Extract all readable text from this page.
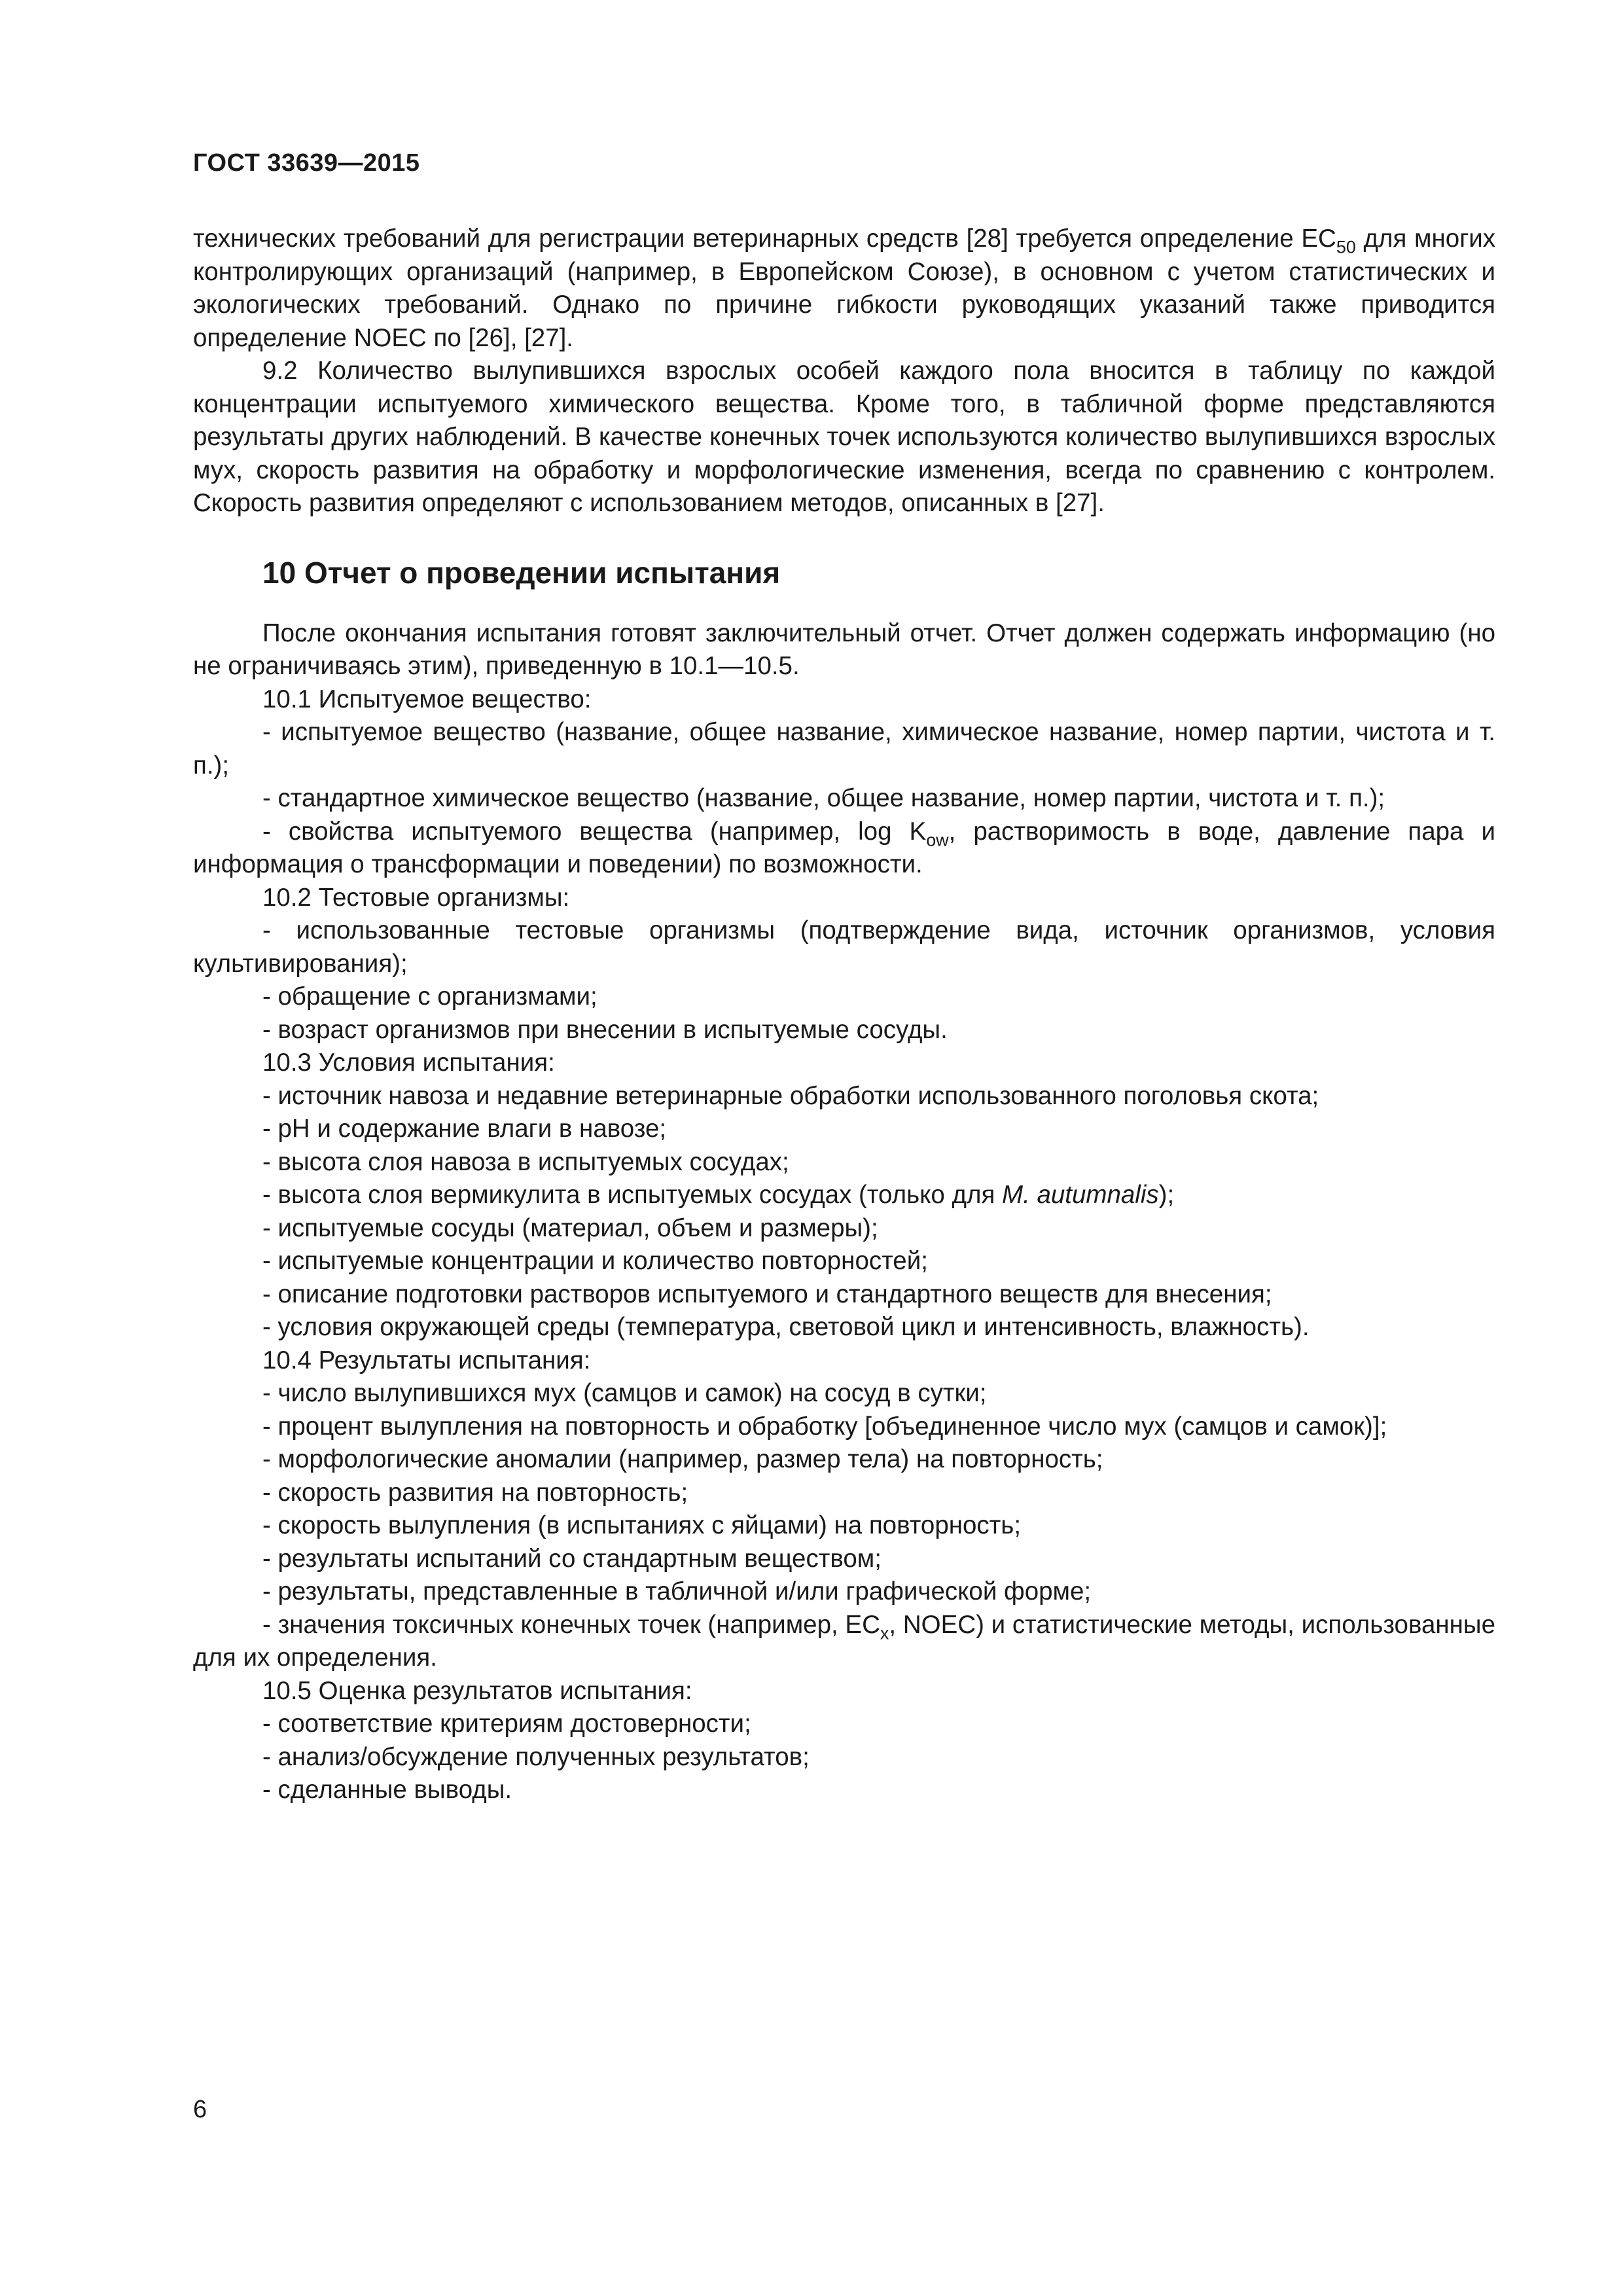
ГОСТ 33639—2015

технических требований для регистрации ветеринарных средств [28] требуется определение $EC_{50}$ для многих контролирующих организаций (например, в Европейском Союзе), в основном с учетом статистических и экологических требований. Однако по причине гибкости руководящих указаний также приводится определение NOEC по [26], [27].

9.2 Количество вылупившихся взрослых особей каждого пола вносится в таблицу по каждой концентрации испытуемого химического вещества. Кроме того, в табличной форме представляются результаты других наблюдений. В качестве конечных точек используются количество вылупившихся взрослых мух, скорость развития на обработку и морфологические изменения, всегда по сравнению с контролем. Скорость развития определяют с использованием методов, описанных в [27].

10 Отчет о проведении испытания

После окончания испытания готовят заключительный отчет. Отчет должен содержать информацию (но не ограничиваясь этим), приведенную в 10.1—10.5.

10.1 Испытуемое вещество:

- испытуемое вещество (название, общее название, химическое название, номер партии, чистота и т. п.);

- стандартное химическое вещество (название, общее название, номер партии, чистота и т. п.);

- свойства испытуемого вещества (например, $\log K_{ow}$, растворимость в воде, давление пара и информация о трансформации и поведении) по возможности.

10.2 Тестовые организмы:

- использованные тестовые организмы (подтверждение вида, источник организмов, условия культивирования);

- обращение с организмами;

- возраст организмов при внесении в испытуемые сосуды.

10.3 Условия испытания:

- источник навоза и недавние ветеринарные обработки использованного поголовья скота;

- pH и содержание влаги в навозе;

- высота слоя навоза в испытуемых сосудах;

- высота слоя вермикулита в испытуемых сосудах (только для M. autumnalis);

- испытуемые сосуды (материал, объем и размеры);

- испытуемые концентрации и количество повторностей;

- описание подготовки растворов испытуемого и стандартного веществ для внесения;

- условия окружающей среды (температура, световой цикл и интенсивность, влажность).

10.4 Результаты испытания:

- число вылупившихся мух (самцов и самок) на сосуд в сутки;

- процент вылупления на повторность и обработку [объединенное число мух (самцов и самок)];

- морфологические аномалии (например, размер тела) на повторность;

- скорость развития на повторность;

- скорость вылупления (в испытаниях с яйцами) на повторность;

- результаты испытаний со стандартным веществом;

- результаты, представленные в табличной и/или графической форме;

- значения токсичных конечных точек (например, $EC_x$, NOEC) и статистические методы, использованные для их определения.

10.5 Оценка результатов испытания:

- соответствие критериям достоверности;

- анализ/обсуждение полученных результатов;

- сделанные выводы.

6
